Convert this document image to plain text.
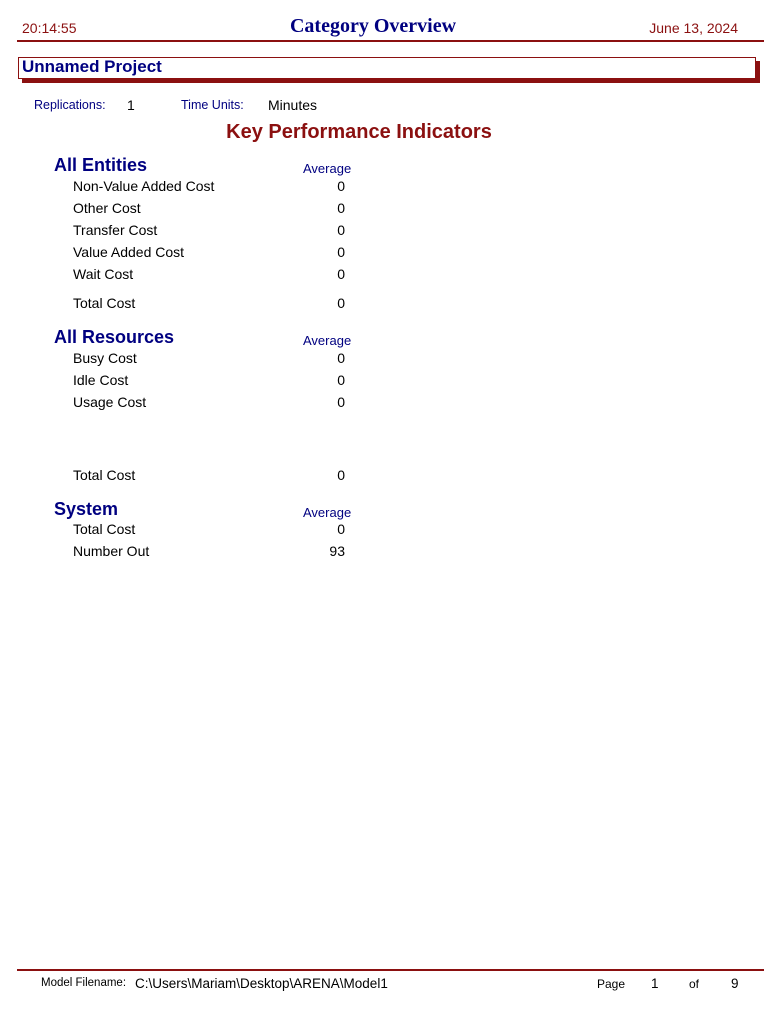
20:14:55	Category Overview	June 13, 2024
Unnamed Project
Replications: 1	Time Units: Minutes
Key Performance Indicators
All Entities	Average
Non-Value Added Cost	0
Other Cost	0
Transfer Cost	0
Value Added Cost	0
Wait Cost	0
Total Cost	0
All Resources	Average
Busy Cost	0
Idle Cost	0
Usage Cost	0
Total Cost	0
System	Average
Total Cost	0
Number Out	93
Model Filename: C:\Users\Mariam\Desktop\ARENA\Model1	Page 1	of 9
